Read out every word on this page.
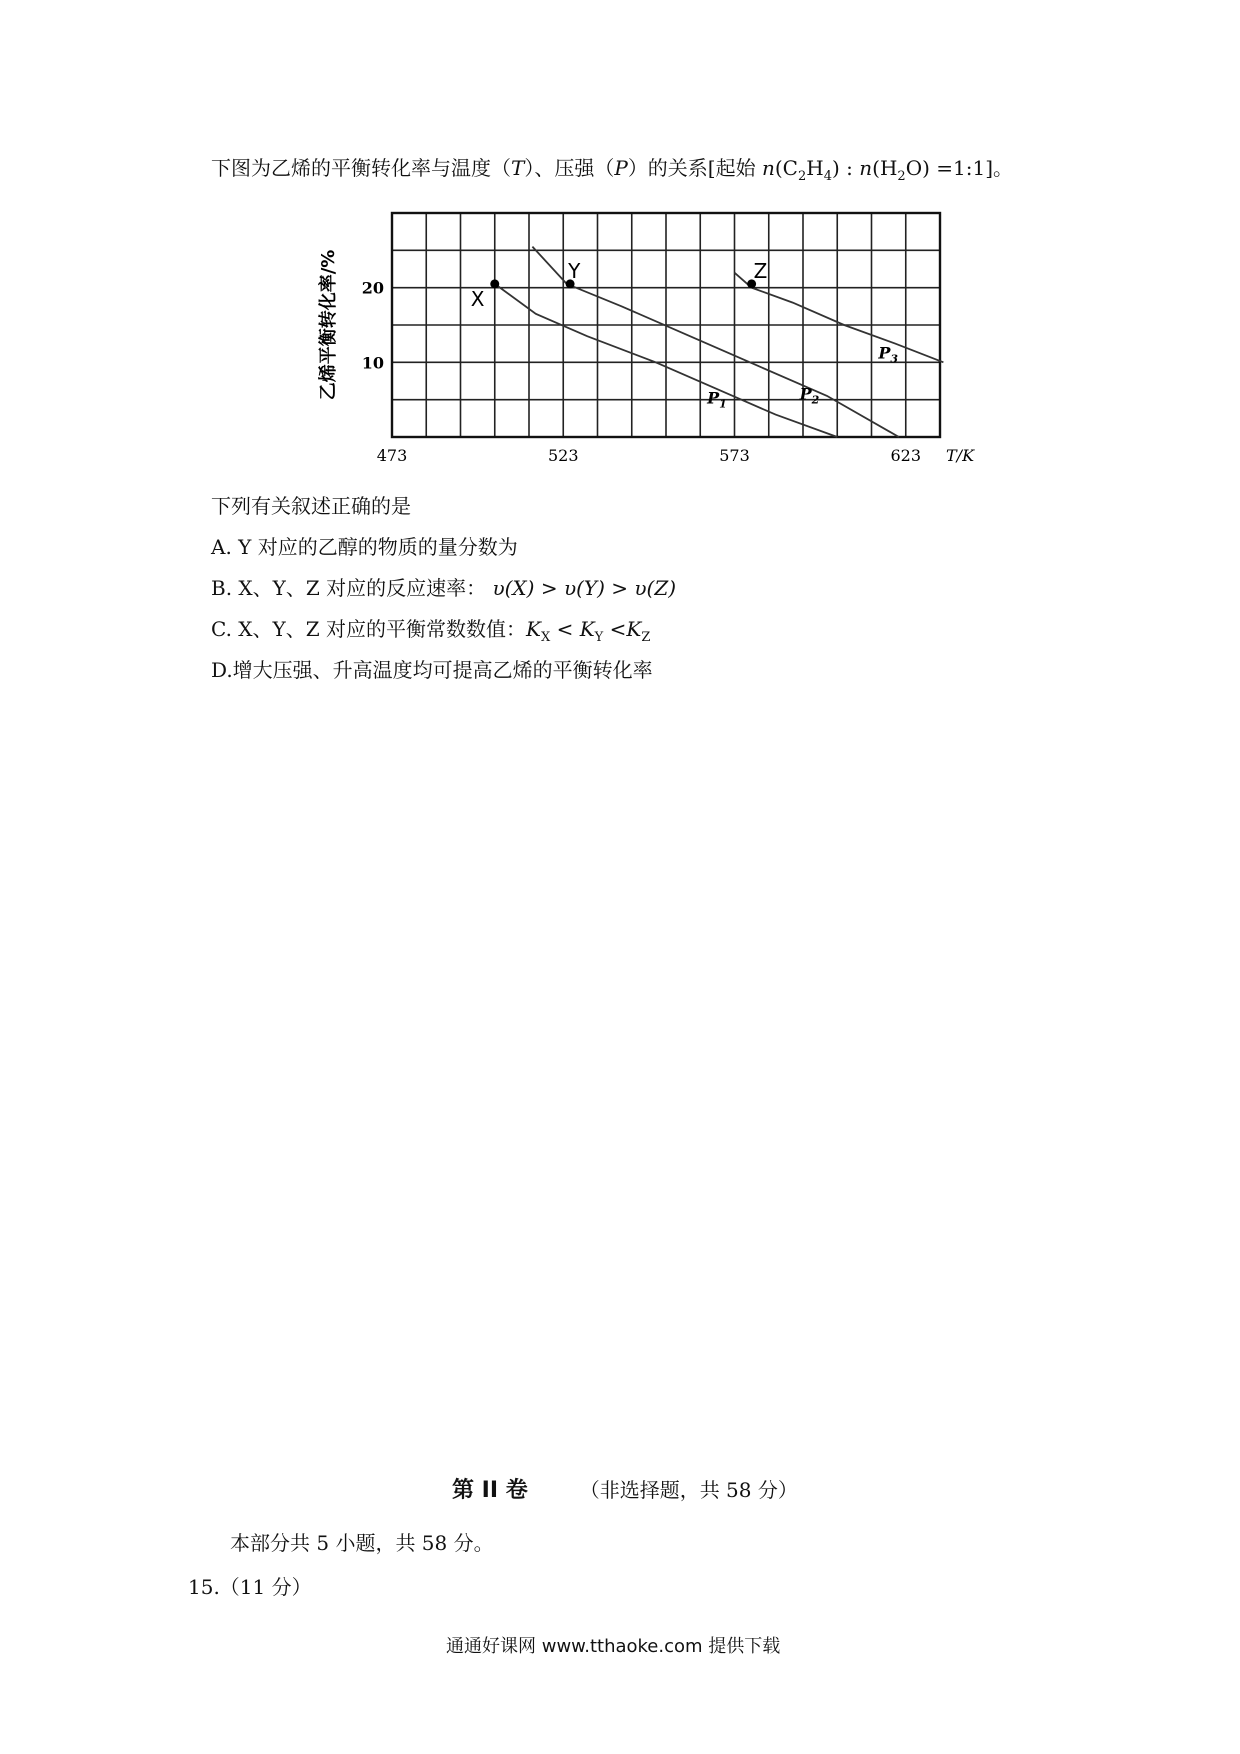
下图为乙烯的平衡转化率与温度（T）、压强（P）的关系[起始 $n(C_2H_4)$ : $n(H_2O)$ =1:1]。
473	523	573	623
10
20
T/K
乙烯平衡转化率/%	$P_1$
$P_2$
$P_3$
X
Y	Z
下列有关叙述正确的是
A. Y 对应的乙醇的物质的量分数为
B. X、Y、Z 对应的反应速率： υ(X) > υ(Y) > υ(Z)
C. X、Y、Z 对应的平衡常数数值：$K_X < K_Y <K_Z$
D.增大压强、升高温度均可提高乙烯的平衡转化率
第 II 卷	（非选择题，共 58 分）
本部分共 5 小题，共 58 分。
15.（11 分）
通通好课网 www.tthaoke.com 提供下载
